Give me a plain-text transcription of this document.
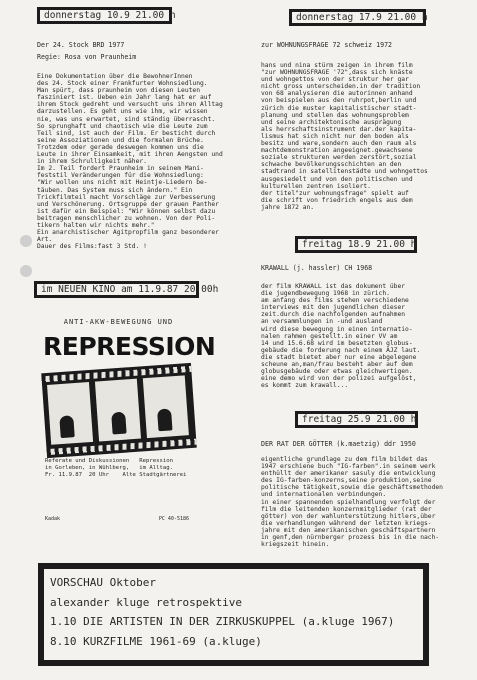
donnerstag 10.9 21.00 h
Der 24. Stock BRD 1977
Regie: Rosa von Praunheim
Eine Dokumentation über die BewohnerInnen
des 24. Stock einer Frankfurter Wohnsiedlung.
Man spürt, dass praunheim von diesen Leuten
fasziniert ist. Ueben ein Jahr lang hat er auf
ihrem Stock gedreht und versucht uns ihren Alltag
darzustellen. Es geht uns wie ihm, wir wissen
nie, was uns erwartet, sind ständig überrascht.
So sprunghaft und chaotisch wie die Leute zum
Teil sind, ist auch der Film. Er besticht durch
seine Assoziationen und die formalen Brüche.
Trotzdem oder gerade deswegen kommen uns die
Leute in ihrer Einsamkeit, mit ihren Aengsten und
in ihrem Schrulligkeit näher.
Im 2. Teil fordert Praunheim in seinem Mani-
feststil Veränderungen für die Wohnsiedlung:
"Wir wollen uns nicht mit Heintje-Liedern be-
täuben. Das System muss sich ändern." Ein
Trickfilmteil macht Vorschläge zur Verbesserung
und Verschönerung. Ortsgruppe der grauen Panther
ist dafür ein Beispiel: "Wir können selbst dazu
beitragen menschlicher zu wohnen. Von der Poli-
tikern halten wir nichts mehr."
Ein anarchistischer Agitpropfilm ganz besonderer
Art.
Dauer des Films:fast 3 Std. !
im NEUEN KINO am 11.9.87 20.00h
ANTI-AKW-BEWEGUNG UND
REPRESSION
Referate und Diskussionen   Repression
in Gorleben, in Wühlberg,   im Alltag.
Fr. 11.9.87  20 Uhr    Alte Stadtgärtnerei
Kadak	PC 40-5186
donnerstag 17.9 21.00 h
zur WOHNUNGSFRAGE 72 schweiz 1972
hans und nina stürm zeigen in ihrem film
"zur WOHNUNGSFRAGE '72",dass sich knäste
und wohngettos von der struktur her gar
nicht gross unterscheiden.in der tradition
von 68 analysieren die autorinnen anhand
von beispielen aus den ruhrpot,berlin und
zürich die muster kapitalistischer stadt-
planung und stellen das wohnungsproblem
und seine architektonische ausprägung
als herrschaftsinstrument dar.der kapita-
lismus hat sich nicht nur den boden als
besitz und ware,sondern auch den raum als
machtdemonstration angeeignet.gewachsene
soziale strukturen werden zerstört,sozial
schwache bevölkerungsschichten an den
stadtrand in satellitenstädte und wohngettos
ausgesiedelt und von den politischen und
kulturellen zentren isoliert.
der titel"zur wohnungsfrage" spielt auf
die schrift von friedrich engels aus dem
jahre 1872 an.
freitag 18.9 21.00 h
KRAWALL (j. hassler) CH 1968
der film KRAWALL ist das dokument über
die jugendbewegung 1968 in zürich.
am anfang des films stehen verschiedene
interviews mit den jugendlichen dieser
zeit.durch die nachfolgenden aufnahmen
an versammlungen in -und ausland
wird diese bewegung in einen internatio-
nalen rahmen gestellt.in einer VV am
14 und 15.6.68 wird im besetzten globus-
gebäude die forderung nach einem AJZ laut.
die stadt bietet aber nur eine abgelegene
scheune an,man/frau besteht aber auf dem
globusgebäude oder etwas gleichwertigen.
eine demo wird von der polizei aufgelöst,
es kommt zum krawall...
freitag 25.9 21.00 h
DER RAT DER GÖTTER (k.maetzig) ddr 1950
eigentliche grundlage zu dem film bildet das
1947 erschiene buch "IG-farben".in seinem werk
enthüllt der amerikaner sasuly die entwicklung
des IG-farben-konzerns,seine produktion,seine
politische tätigkeit,sowie die geschäftsmethoden
und internationalen verbindungen.
in einer spannenden spielhandlung verfolgt der
film die leitenden konzernmitglieder (rat der
götter) von der wahlunterstützung hitlers,über
die verhandlungen während der letzten kriegs-
jahre mit den amerikanischen geschäftspartnern
in genf,den nürnberger prozess bis in die nach-
kriegszeit hinein.
VORSCHAU Oktober
alexander kluge retrospektive
1.10 DIE ARTISTEN IN DER ZIRKUSKUPPEL (a.kluge 1967)
8.10 KURZFILME 1961-69 (a.kluge)
